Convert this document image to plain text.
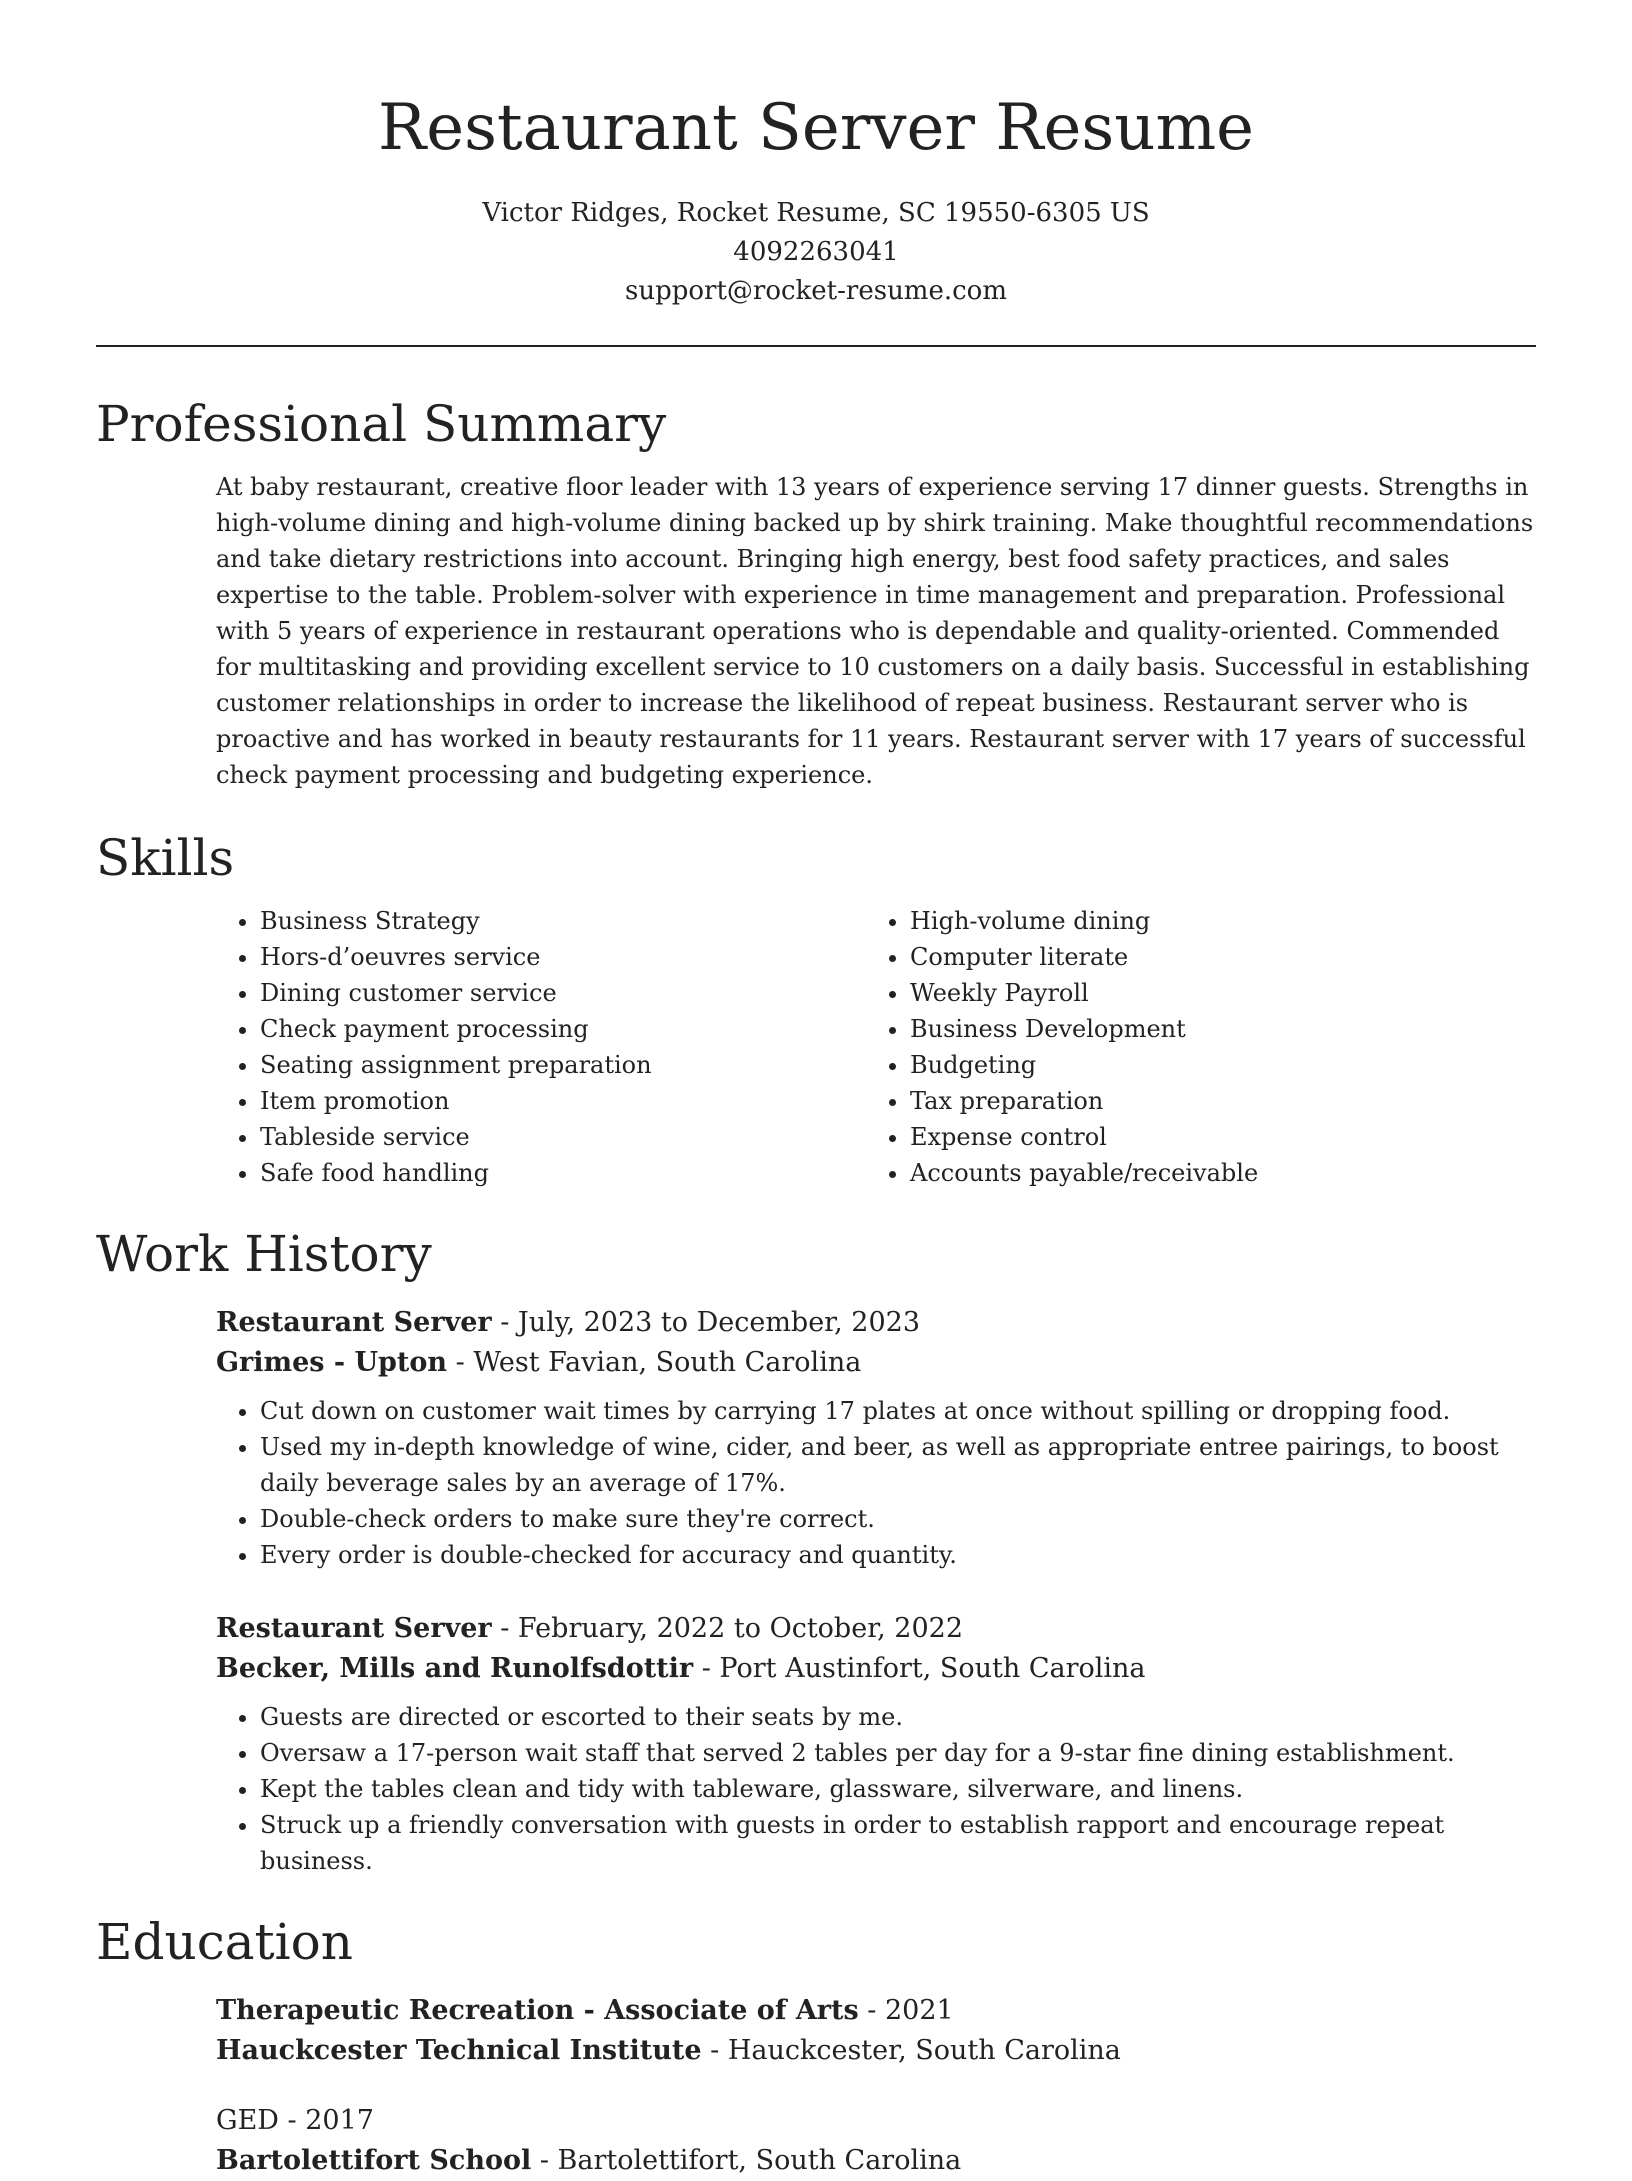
Restaurant Server Resume
Victor Ridges, Rocket Resume, SC 19550-6305 US
4092263041
support@rocket-resume.com
Professional Summary
At baby restaurant, creative floor leader with 13 years of experience serving 17 dinner guests. Strengths in high-volume dining and high-volume dining backed up by shirk training. Make thoughtful recommendations and take dietary restrictions into account. Bringing high energy, best food safety practices, and sales expertise to the table. Problem-solver with experience in time management and preparation. Professional with 5 years of experience in restaurant operations who is dependable and quality-oriented. Commended for multitasking and providing excellent service to 10 customers on a daily basis. Successful in establishing customer relationships in order to increase the likelihood of repeat business. Restaurant server who is proactive and has worked in beauty restaurants for 11 years. Restaurant server with 17 years of successful check payment processing and budgeting experience.
Skills
• Business Strategy
• Hors-d’oeuvres service
• Dining customer service
• Check payment processing
• Seating assignment preparation
• Item promotion
• Tableside service
• Safe food handling
• High-volume dining
• Computer literate
• Weekly Payroll
• Business Development
• Budgeting
• Tax preparation
• Expense control
• Accounts payable/receivable
Work History
Restaurant Server - July, 2023 to December, 2023
Grimes - Upton - West Favian, South Carolina
• Cut down on customer wait times by carrying 17 plates at once without spilling or dropping food.
• Used my in-depth knowledge of wine, cider, and beer, as well as appropriate entree pairings, to boost daily beverage sales by an average of 17%.
• Double-check orders to make sure they're correct.
• Every order is double-checked for accuracy and quantity.
Restaurant Server - February, 2022 to October, 2022
Becker, Mills and Runolfsdottir - Port Austinfort, South Carolina
• Guests are directed or escorted to their seats by me.
• Oversaw a 17-person wait staff that served 2 tables per day for a 9-star fine dining establishment.
• Kept the tables clean and tidy with tableware, glassware, silverware, and linens.
• Struck up a friendly conversation with guests in order to establish rapport and encourage repeat business.
Education
Therapeutic Recreation - Associate of Arts - 2021
Hauckcester Technical Institute - Hauckcester, South Carolina
GED - 2017
Bartolettifort School - Bartolettifort, South Carolina
